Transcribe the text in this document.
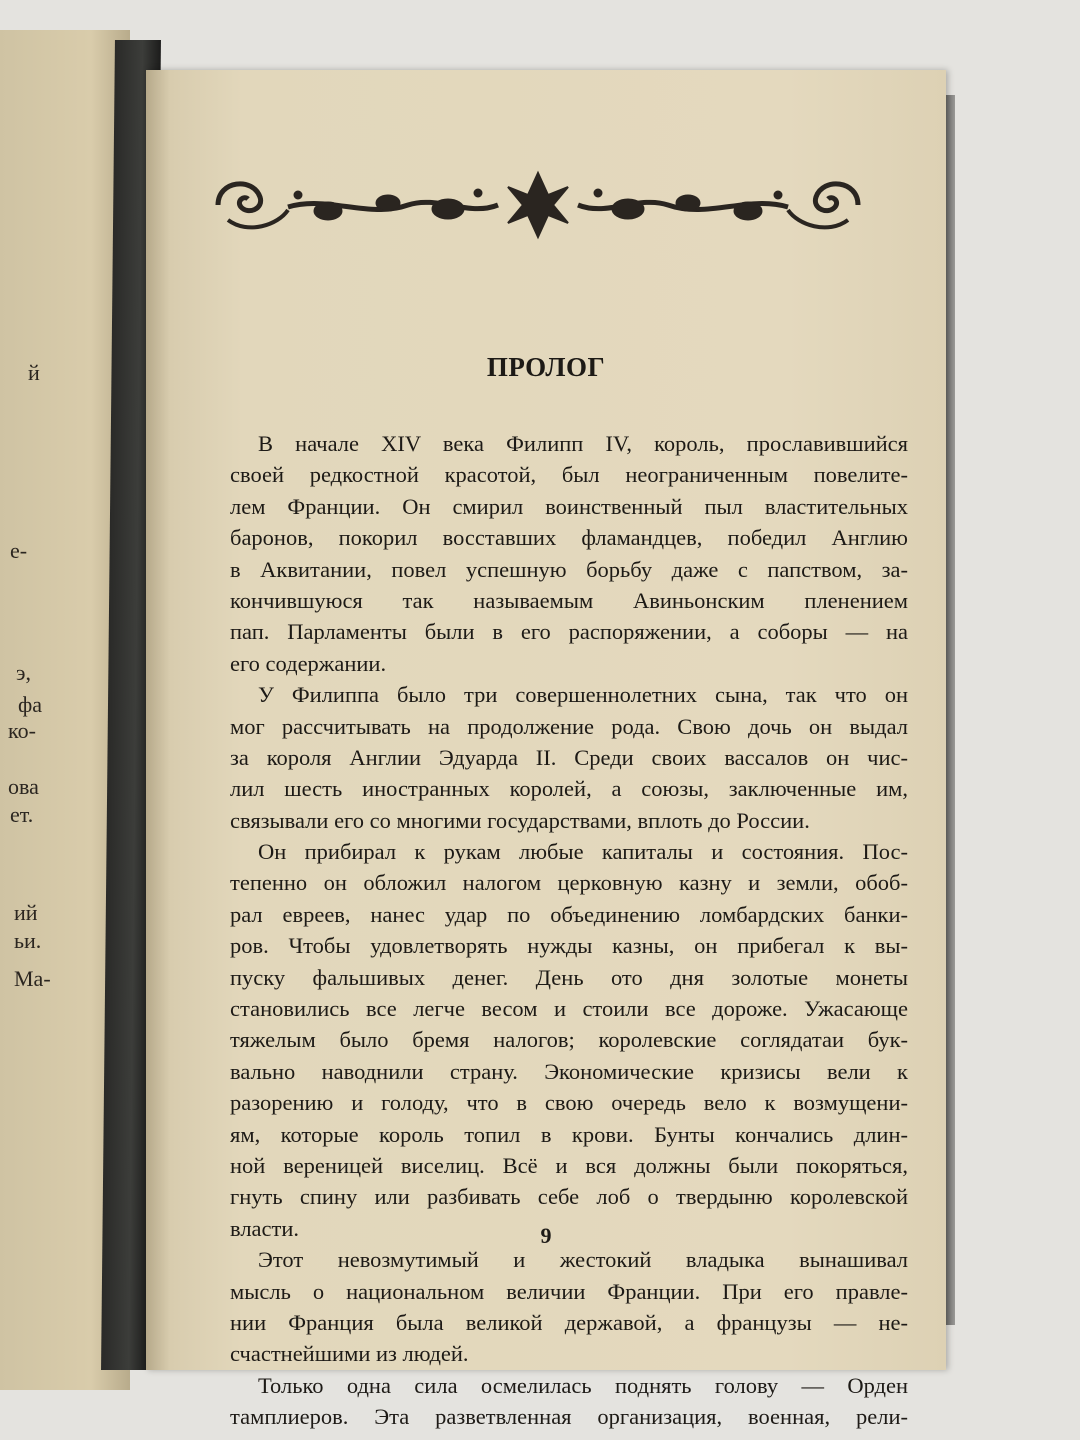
й
е-
э,
фа
ко-
ова
ет.
ий
ьи.
Ма-
ПРОЛОГ
В начале XIV века Филипп IV, король, прославившийся
своей редкостной красотой, был неограниченным повелите-
лем Франции. Он смирил воинственный пыл властительных
баронов, покорил восставших фламандцев, победил Англию
в Аквитании, повел успешную борьбу даже с папством, за-
кончившуюся так называемым Авиньонским пленением
пап. Парламенты были в его распоряжении, а соборы — на
его содержании.
У Филиппа было три совершеннолетних сына, так что он
мог рассчитывать на продолжение рода. Свою дочь он выдал
за короля Англии Эдуарда II. Среди своих вассалов он чис-
лил шесть иностранных королей, а союзы, заключенные им,
связывали его со многими государствами, вплоть до России.
Он прибирал к рукам любые капиталы и состояния. Пос-
тепенно он обложил налогом церковную казну и земли, обоб-
рал евреев, нанес удар по объединению ломбардских банки-
ров. Чтобы удовлетворять нужды казны, он прибегал к вы-
пуску фальшивых денег. День ото дня золотые монеты
становились все легче весом и стоили все дороже. Ужасающе
тяжелым было бремя налогов; королевские соглядатаи бук-
вально наводнили страну. Экономические кризисы вели к
разорению и голоду, что в свою очередь вело к возмущени-
ям, которые король топил в крови. Бунты кончались длин-
ной вереницей виселиц. Всё и вся должны были покоряться,
гнуть спину или разбивать себе лоб о твердыню королевской
власти.
Этот невозмутимый и жестокий владыка вынашивал
мысль о национальном величии Франции. При его правле-
нии Франция была великой державой, а французы — не-
счастнейшими из людей.
Только одна сила осмелилась поднять голову — Орден
тамплиеров. Эта разветвленная организация, военная, рели-
9
